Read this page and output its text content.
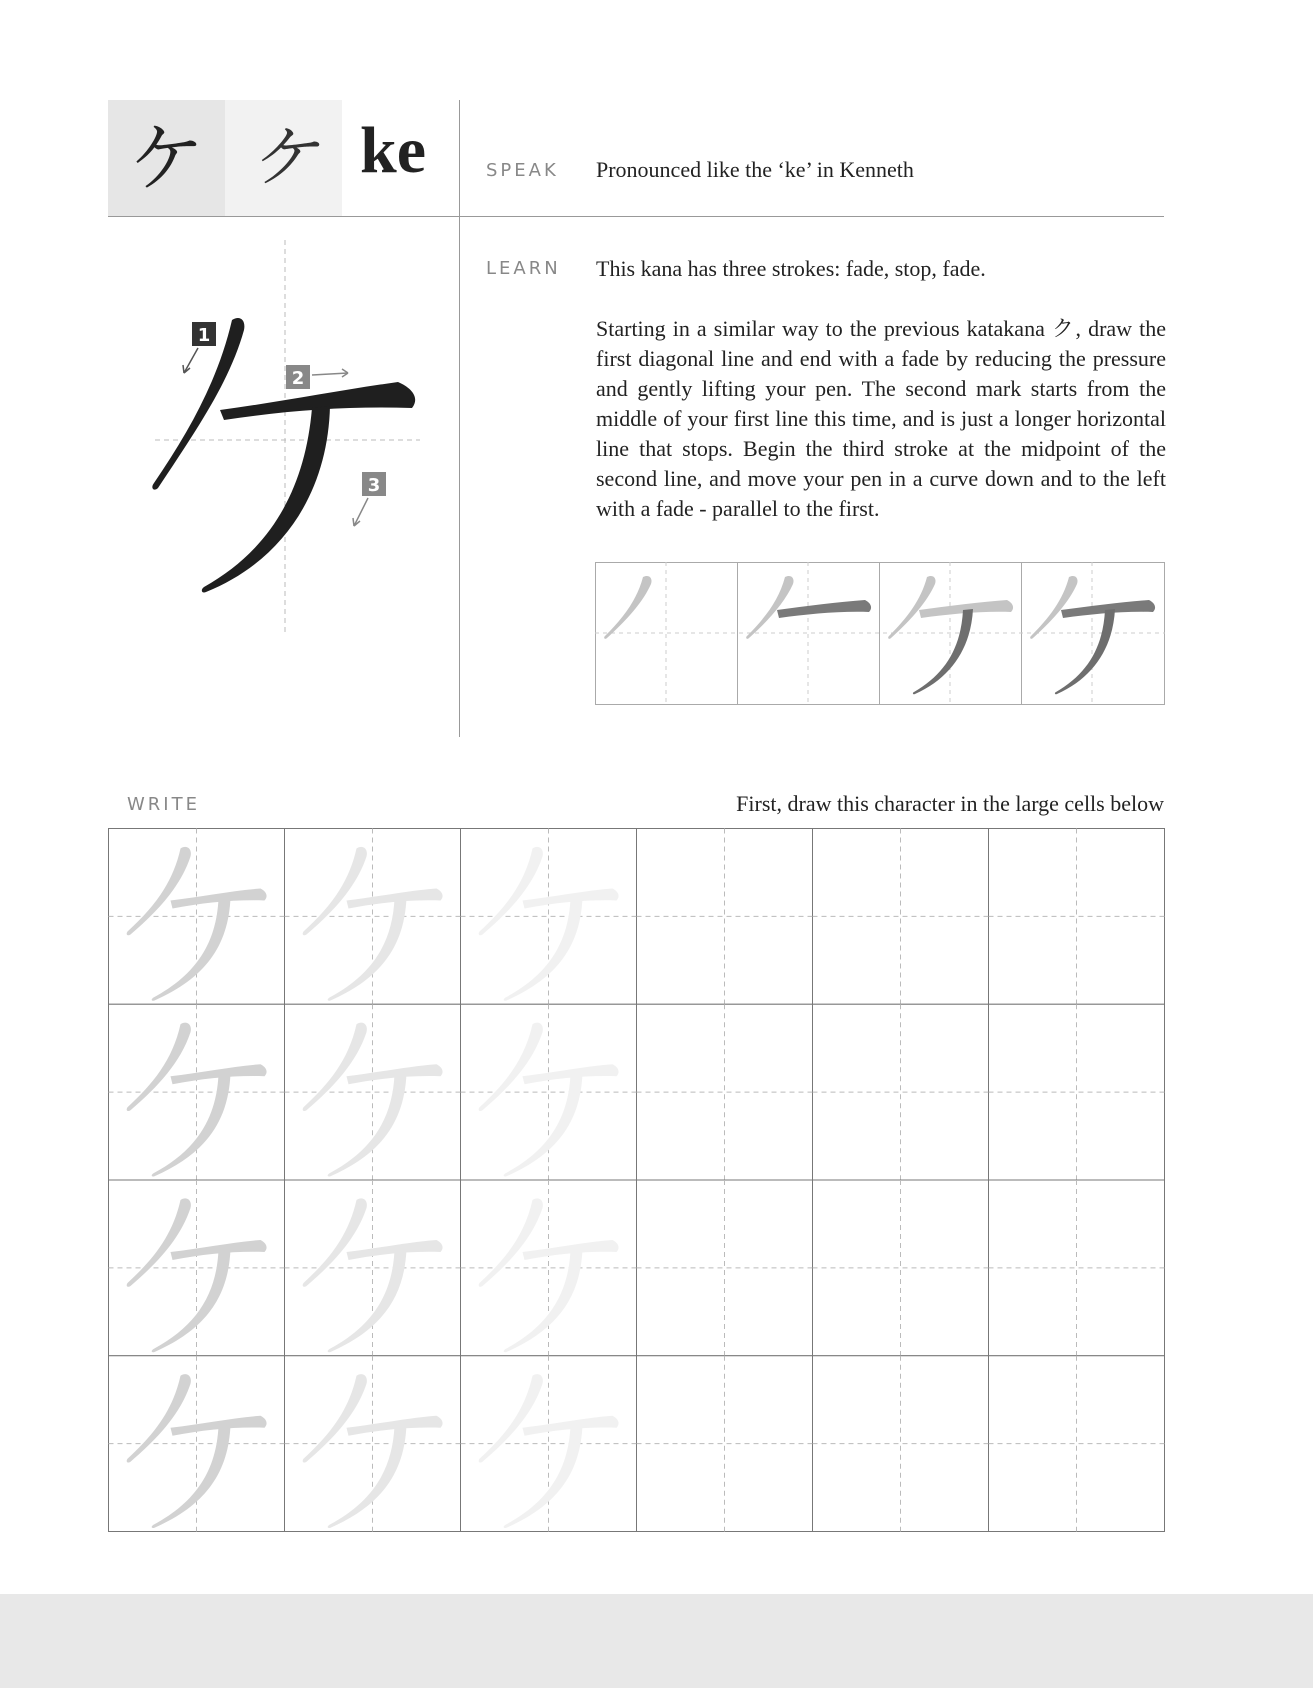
ケ ケ ke	SPEAK Pronounced like the ‘ke’ in Kenneth
LEARN This kana has three strokes: fade, stop, fade.
Starting in a similar way to the previous katakana ク, draw the first diagonal line and end with a fade by reducing the pressure and gently lifting your pen. The second mark starts from the middle of your first line this time, and is just a longer horizontal line that stops. Begin the third stroke at the midpoint of the second line, and move your pen in a curve down and to the left with a fade - parallel to the first.
1
2
3
WRITE	First, draw this character in the large cells below
